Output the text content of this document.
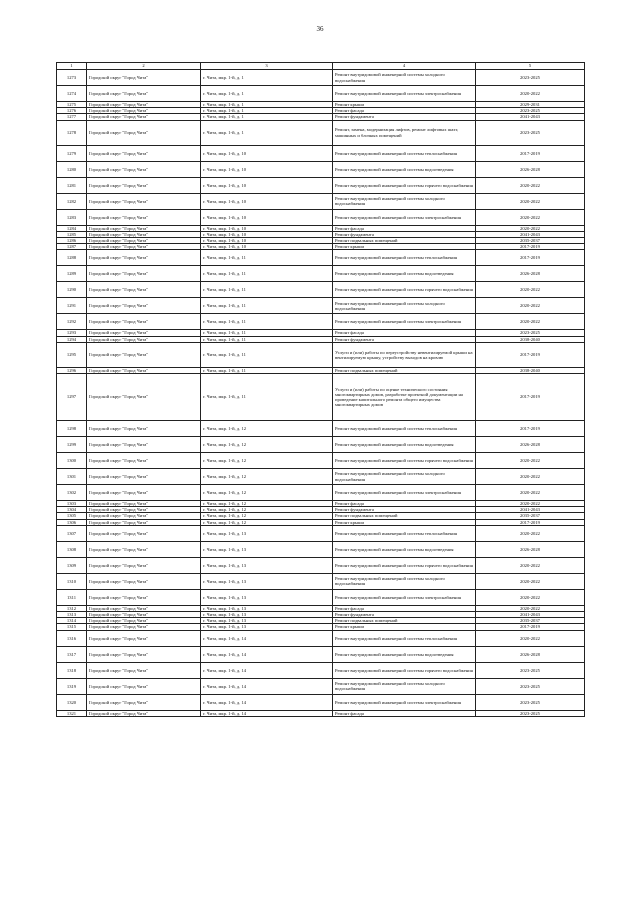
36
1	2	3	4	5
1273	Городской округ "Город Чита"	г. Чита, мкр. 1-й, д. 1	Ремонт внутридомовой инженерной системы холодного водоснабжения	2023-2025
1274	Городской округ "Город Чита"	г. Чита, мкр. 1-й, д. 1	Ремонт внутридомовой инженерной системы электроснабжения	2020-2022
1275	Городской округ "Город Чита"	г. Чита, мкр. 1-й, д. 1	Ремонт крыши	2029-2031
1276	Городской округ "Город Чита"	г. Чита, мкр. 1-й, д. 1	Ремонт фасада	2023-2025
1277	Городской округ "Город Чита"	г. Чита, мкр. 1-й, д. 1	Ремонт фундамента	2041-2043
1278	Городской округ "Город Чита"	г. Чита, мкр. 1-й, д. 1	Ремонт, замена, модернизация лифтов, ремонт лифтовых шахт, машинных и блочных помещений	2023-2025
1279	Городской округ "Город Чита"	г. Чита, мкр. 1-й, д. 10	Ремонт внутридомовой инженерной системы теплоснабжения	2017-2019
1280	Городской округ "Город Чита"	г. Чита, мкр. 1-й, д. 10	Ремонт внутридомовой инженерной системы водоотведения	2026-2028
1281	Городской округ "Город Чита"	г. Чита, мкр. 1-й, д. 10	Ремонт внутридомовой инженерной системы горячего водоснабжения	2020-2022
1282	Городской округ "Город Чита"	г. Чита, мкр. 1-й, д. 10	Ремонт внутридомовой инженерной системы холодного водоснабжения	2020-2022
1283	Городской округ "Город Чита"	г. Чита, мкр. 1-й, д. 10	Ремонт внутридомовой инженерной системы электроснабжения	2020-2022
1284	Городской округ "Город Чита"	г. Чита, мкр. 1-й, д. 10	Ремонт фасада	2020-2022
1285	Городской округ "Город Чита"	г. Чита, мкр. 1-й, д. 10	Ремонт фундамента	2041-2043
1286	Городской округ "Город Чита"	г. Чита, мкр. 1-й, д. 10	Ремонт подвальных помещений	2035-2037
1287	Городской округ "Город Чита"	г. Чита, мкр. 1-й, д. 10	Ремонт крыши	2017-2019
1288	Городской округ "Город Чита"	г. Чита, мкр. 1-й, д. 11	Ремонт внутридомовой инженерной системы теплоснабжения	2017-2019
1289	Городской округ "Город Чита"	г. Чита, мкр. 1-й, д. 11	Ремонт внутридомовой инженерной системы водоотведения	2026-2028
1290	Городской округ "Город Чита"	г. Чита, мкр. 1-й, д. 11	Ремонт внутридомовой инженерной системы горячего водоснабжения	2020-2022
1291	Городской округ "Город Чита"	г. Чита, мкр. 1-й, д. 11	Ремонт внутридомовой инженерной системы холодного водоснабжения	2020-2022
1292	Городской округ "Город Чита"	г. Чита, мкр. 1-й, д. 11	Ремонт внутридомовой инженерной системы электроснабжения	2020-2022
1293	Городской округ "Город Чита"	г. Чита, мкр. 1-й, д. 11	Ремонт фасада	2023-2025
1294	Городской округ "Город Чита"	г. Чита, мкр. 1-й, д. 11	Ремонт фундамента	2038-2040
1295	Городской округ "Город Чита"	г. Чита, мкр. 1-й, д. 11	Услуги и (или) работы по переустройству невентилируемой крыши на вентилируемую крышу, устройству выходов на кровлю	2017-2019
1296	Городской округ "Город Чита"	г. Чита, мкр. 1-й, д. 11	Ремонт подвальных помещений	2038-2040
1297	Городской округ "Город Чита"	г. Чита, мкр. 1-й, д. 11	Услуги и (или) работы по оценке технического состояния многоквартирных домов, разработке проектной документации на проведение капитального ремонта общего имущества многоквартирных домов	2017-2019
1298	Городской округ "Город Чита"	г. Чита, мкр. 1-й, д. 12	Ремонт внутридомовой инженерной системы теплоснабжения	2017-2019
1299	Городской округ "Город Чита"	г. Чита, мкр. 1-й, д. 12	Ремонт внутридомовой инженерной системы водоотведения	2026-2028
1300	Городской округ "Город Чита"	г. Чита, мкр. 1-й, д. 12	Ремонт внутридомовой инженерной системы горячего водоснабжения	2020-2022
1301	Городской округ "Город Чита"	г. Чита, мкр. 1-й, д. 12	Ремонт внутридомовой инженерной системы холодного водоснабжения	2020-2022
1302	Городской округ "Город Чита"	г. Чита, мкр. 1-й, д. 12	Ремонт внутридомовой инженерной системы электроснабжения	2020-2022
1303	Городской округ "Город Чита"	г. Чита, мкр. 1-й, д. 12	Ремонт фасада	2020-2022
1304	Городской округ "Город Чита"	г. Чита, мкр. 1-й, д. 12	Ремонт фундамента	2041-2043
1305	Городской округ "Город Чита"	г. Чита, мкр. 1-й, д. 12	Ремонт подвальных помещений	2035-2037
1306	Городской округ "Город Чита"	г. Чита, мкр. 1-й, д. 12	Ремонт крыши	2017-2019
1307	Городской округ "Город Чита"	г. Чита, мкр. 1-й, д. 13	Ремонт внутридомовой инженерной системы теплоснабжения	2020-2022
1308	Городской округ "Город Чита"	г. Чита, мкр. 1-й, д. 13	Ремонт внутридомовой инженерной системы водоотведения	2026-2028
1309	Городской округ "Город Чита"	г. Чита, мкр. 1-й, д. 13	Ремонт внутридомовой инженерной системы горячего водоснабжения	2020-2022
1310	Городской округ "Город Чита"	г. Чита, мкр. 1-й, д. 13	Ремонт внутридомовой инженерной системы холодного водоснабжения	2020-2022
1311	Городской округ "Город Чита"	г. Чита, мкр. 1-й, д. 13	Ремонт внутридомовой инженерной системы электроснабжения	2020-2022
1312	Городской округ "Город Чита"	г. Чита, мкр. 1-й, д. 13	Ремонт фасада	2020-2022
1313	Городской округ "Город Чита"	г. Чита, мкр. 1-й, д. 13	Ремонт фундамента	2041-2043
1314	Городской округ "Город Чита"	г. Чита, мкр. 1-й, д. 13	Ремонт подвальных помещений	2035-2037
1315	Городской округ "Город Чита"	г. Чита, мкр. 1-й, д. 13	Ремонт крыши	2017-2019
1316	Городской округ "Город Чита"	г. Чита, мкр. 1-й, д. 14	Ремонт внутридомовой инженерной системы теплоснабжения	2020-2022
1317	Городской округ "Город Чита"	г. Чита, мкр. 1-й, д. 14	Ремонт внутридомовой инженерной системы водоотведения	2026-2028
1318	Городской округ "Город Чита"	г. Чита, мкр. 1-й, д. 14	Ремонт внутридомовой инженерной системы горячего водоснабжения	2023-2025
1319	Городской округ "Город Чита"	г. Чита, мкр. 1-й, д. 14	Ремонт внутридомовой инженерной системы холодного водоснабжения	2023-2025
1320	Городской округ "Город Чита"	г. Чита, мкр. 1-й, д. 14	Ремонт внутридомовой инженерной системы электроснабжения	2023-2025
1321	Городской округ "Город Чита"	г. Чита, мкр. 1-й, д. 14	Ремонт фасада	2023-2025
